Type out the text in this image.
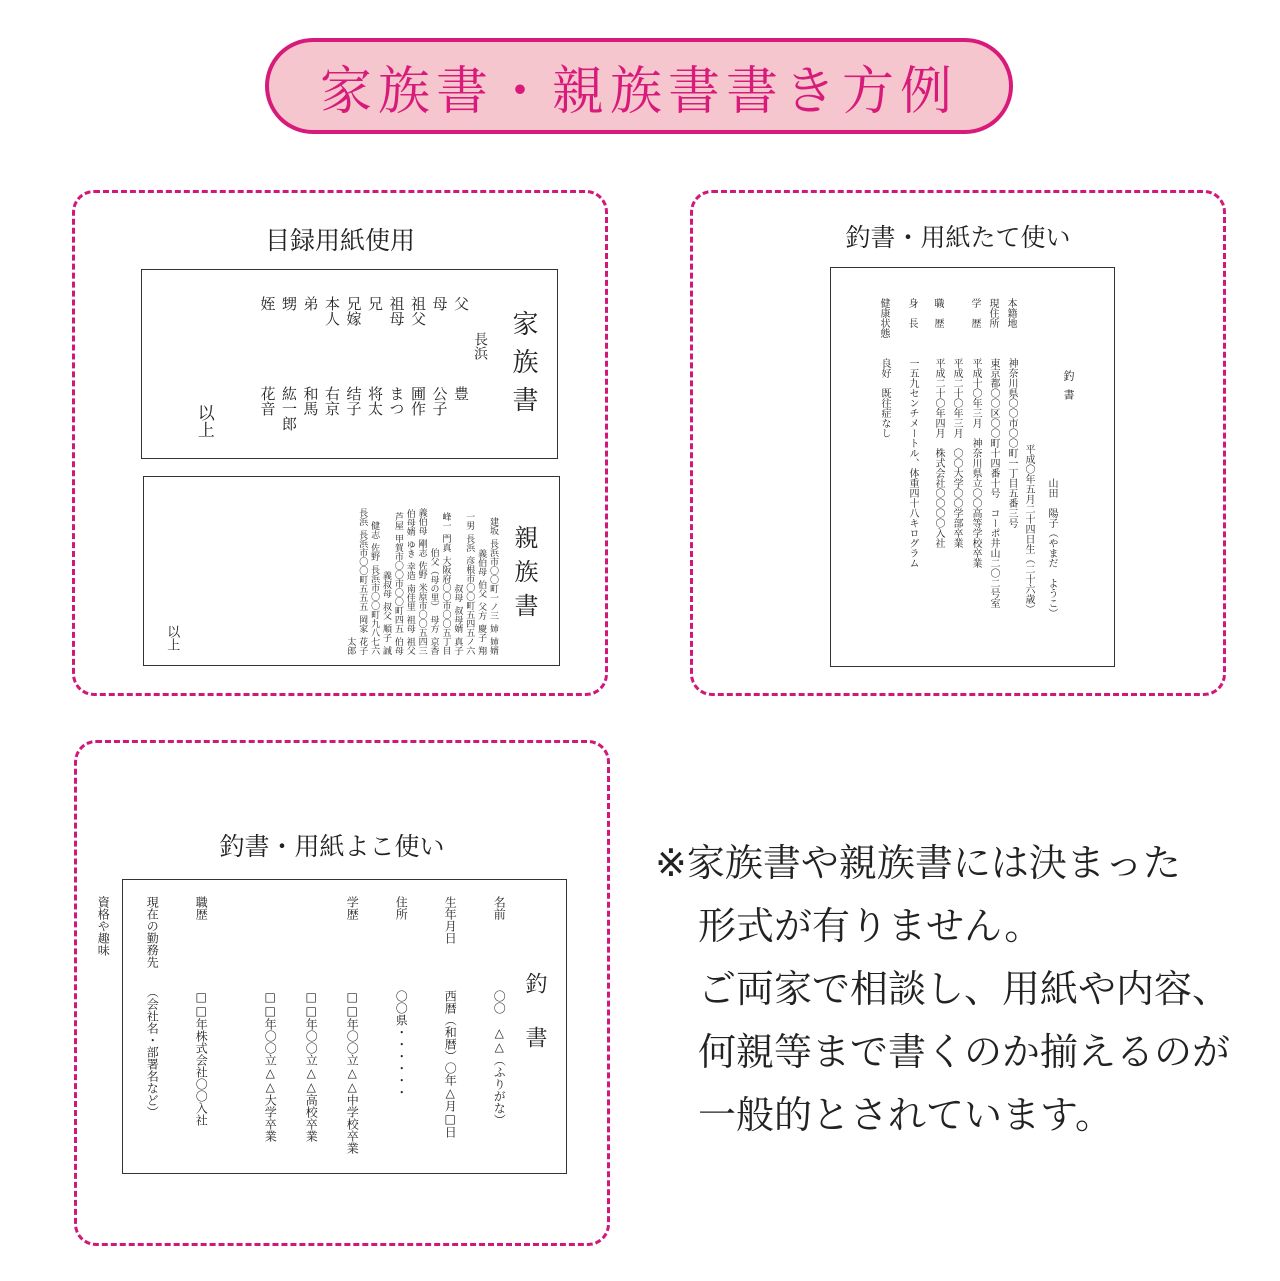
家族書・親族書書き方例
目録用紙使用
家族書
長浜
父
母
祖父
祖母
兄
兄嫁
本人
弟
甥
姪
豊
公子
圃作
まつ
将太
结子
右京
和馬
紘一郎
花音
以上
親族書
姉婿
姉
長浜市〇〇町一ノ三
建坂
翔
慶子
父方
伯父
義伯母
彦根市〇〇町五四五ノ六
長浜
一男
真子
叔母婿
叔母
大阪府〇〇市〇〇五丁目
門真
峰一
京香
母方
伯父（母の里）
米原市〇〇五四三
佐野
剛志
義伯母
祖父
祖母
南佳里
幸造
ゆき
伯母婿
伯母
甲賀市〇〇市〇〇町四五
芦屋
誠
順子
叔父
義叔母
長浜市〇〇町九八七六
佐野
健志
花子
岡家
長浜市〇〇町五五五
長浜
太郎
以上
釣書・用紙たて使い
釣書
平成〇年五月二十四日生（二十六歳） 山田　陽子（やまだ　ようこ）
本籍地
神奈川県〇〇市〇〇町一丁目五番三号
現住所
東京都〇〇区〇〇町十四番十号　コーポ井山二〇二号室
学　歴
平成十〇年三月　神奈川県立〇〇高等学校卒業
平成二十〇年三月　〇〇大学〇〇学部卒業
職　歴
平成二十〇年四月　株式会社〇〇〇〇入社
身　長
一五九センチメートル、体重四十八キログラム
健康状態
良好　既往症なし
釣書・用紙よこ使い
釣
書
名前
〇〇　△△（ふりがな）
生年月日
西暦（和暦）〇年△月□日
住所
〇〇県・・・・・・
学歴
□□年〇〇立△△中学校卒業
□□年〇〇立△△高校卒業
□□年〇〇立△△大学卒業
職歴
□□年株式会社〇〇入社
現在の勤務先
（会社名・部署名など）
資格や趣味
※家族書や親族書には決まった
形式が有りません。
ご両家で相談し、用紙や内容、
何親等まで書くのか揃えるのが
一般的とされています。
